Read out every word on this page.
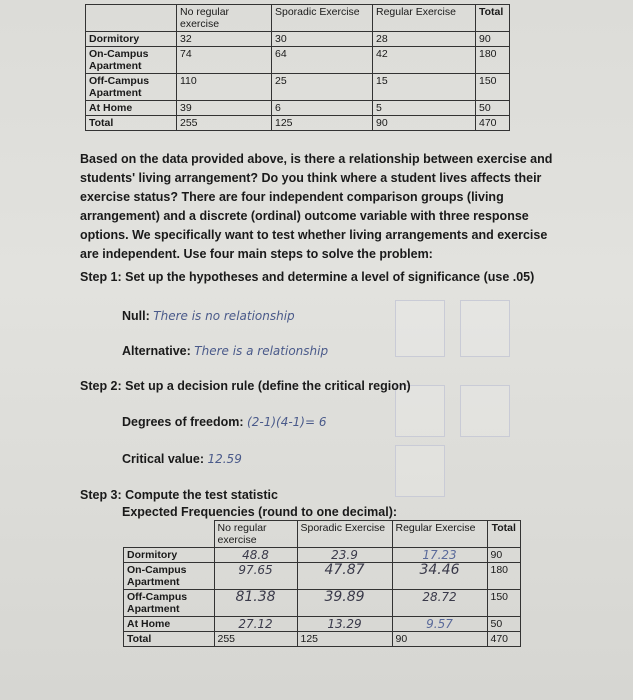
	No regular exercise	Sporadic Exercise	Regular Exercise	Total
Dormitory	32	30	28	90
On-Campus Apartment	74	64	42	180
Off-Campus Apartment	110	25	15	150
At Home	39	6	5	50
Total	255	125	90	470
Based on the data provided above, is there a relationship between exercise and students' living arrangement? Do you think where a student lives affects their exercise status? There are four independent comparison groups (living arrangement) and a discrete (ordinal) outcome variable with three response options. We specifically want to test whether living arrangements and exercise are independent. Use four main steps to solve the problem:
Step 1: Set up the hypotheses and determine a level of significance (use .05)
Null: There is no relationship
Alternative: There is a relationship
Step 2: Set up a decision rule (define the critical region)
Degrees of freedom: (2-1)(4-1)= 6
Critical value: 12.59
Step 3: Compute the test statistic
Expected Frequencies (round to one decimal):
	No regular exercise	Sporadic Exercise	Regular Exercise	Total
Dormitory	48.8	23.9	17.23	90
On-Campus Apartment	97.65	47.87	34.46	180
Off-Campus Apartment	81.38	39.89	28.72	150
At Home	27.12	13.29	9.57	50
Total	255	125	90	470
